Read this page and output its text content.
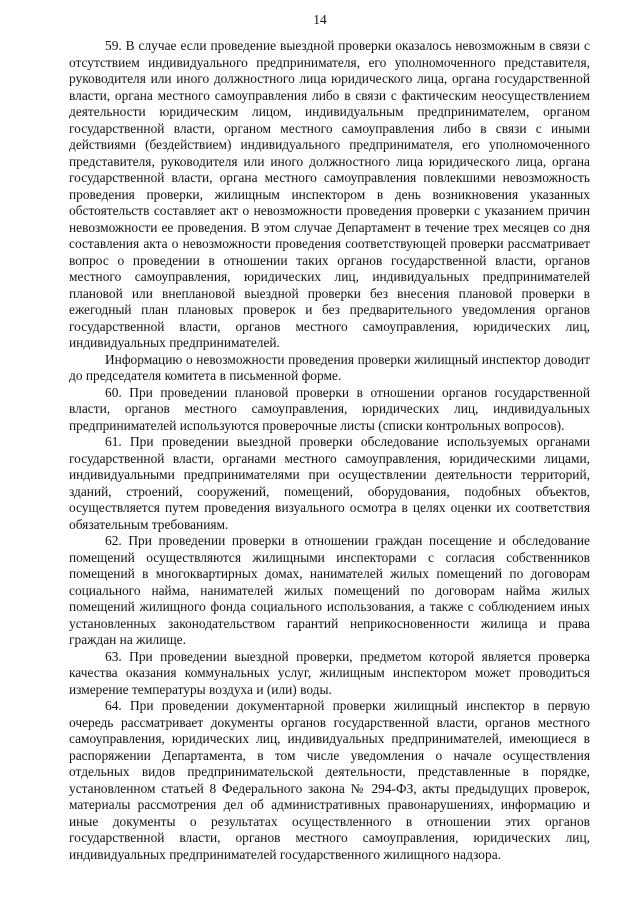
14

59. В случае если проведение выездной проверки оказалось невозможным в связи с отсутствием индивидуального предпринимателя, его уполномоченного представителя, руководителя или иного должностного лица юридического лица, органа государственной власти, органа местного самоуправления либо в связи с фактическим неосуществлением деятельности юридическим лицом, индивидуальным предпринимателем, органом государственной власти, органом местного самоуправления либо в связи с иными действиями (бездействием) индивидуального предпринимателя, его уполномоченного представителя, руководителя или иного должностного лица юридического лица, органа государственной власти, органа местного самоуправления повлекшими невозможность проведения проверки, жилищным инспектором в день возникновения указанных обстоятельств составляет акт о невозможности проведения проверки с указанием причин невозможности ее проведения. В этом случае Департамент в течение трех месяцев со дня составления акта о невозможности проведения соответствующей проверки рассматривает вопрос о проведении в отношении таких органов государственной власти, органов местного самоуправления, юридических лиц, индивидуальных предпринимателей плановой или внеплановой выездной проверки без внесения плановой проверки в ежегодный план плановых проверок и без предварительного уведомления органов государственной власти, органов местного самоуправления, юридических лиц, индивидуальных предпринимателей.

Информацию о невозможности проведения проверки жилищный инспектор доводит до председателя комитета в письменной форме.

60. При проведении плановой проверки в отношении органов государственной власти, органов местного самоуправления, юридических лиц, индивидуальных предпринимателей используются проверочные листы (списки контрольных вопросов).

61. При проведении выездной проверки обследование используемых органами государственной власти, органами местного самоуправления, юридическими лицами, индивидуальными предпринимателями при осуществлении деятельности территорий, зданий, строений, сооружений, помещений, оборудования, подобных объектов, осуществляется путем проведения визуального осмотра в целях оценки их соответствия обязательным требованиям.

62. При проведении проверки в отношении граждан посещение и обследование помещений осуществляются жилищными инспекторами с согласия собственников помещений в многоквартирных домах, нанимателей жилых помещений по договорам социального найма, нанимателей жилых помещений по договорам найма жилых помещений жилищного фонда социального использования, а также с соблюдением иных установленных законодательством гарантий неприкосновенности жилища и права граждан на жилище.

63. При проведении выездной проверки, предметом которой является проверка качества оказания коммунальных услуг, жилищным инспектором может проводиться измерение температуры воздуха и (или) воды.

64. При проведении документарной проверки жилищный инспектор в первую очередь рассматривает документы органов государственной власти, органов местного самоуправления, юридических лиц, индивидуальных предпринимателей, имеющиеся в распоряжении Департамента, в том числе уведомления о начале осуществления отдельных видов предпринимательской деятельности, представленные в порядке, установленном статьей 8 Федерального закона № 294-ФЗ, акты предыдущих проверок, материалы рассмотрения дел об административных правонарушениях, информацию и иные документы о результатах осуществленного в отношении этих органов государственной власти, органов местного самоуправления, юридических лиц, индивидуальных предпринимателей государственного жилищного надзора.
